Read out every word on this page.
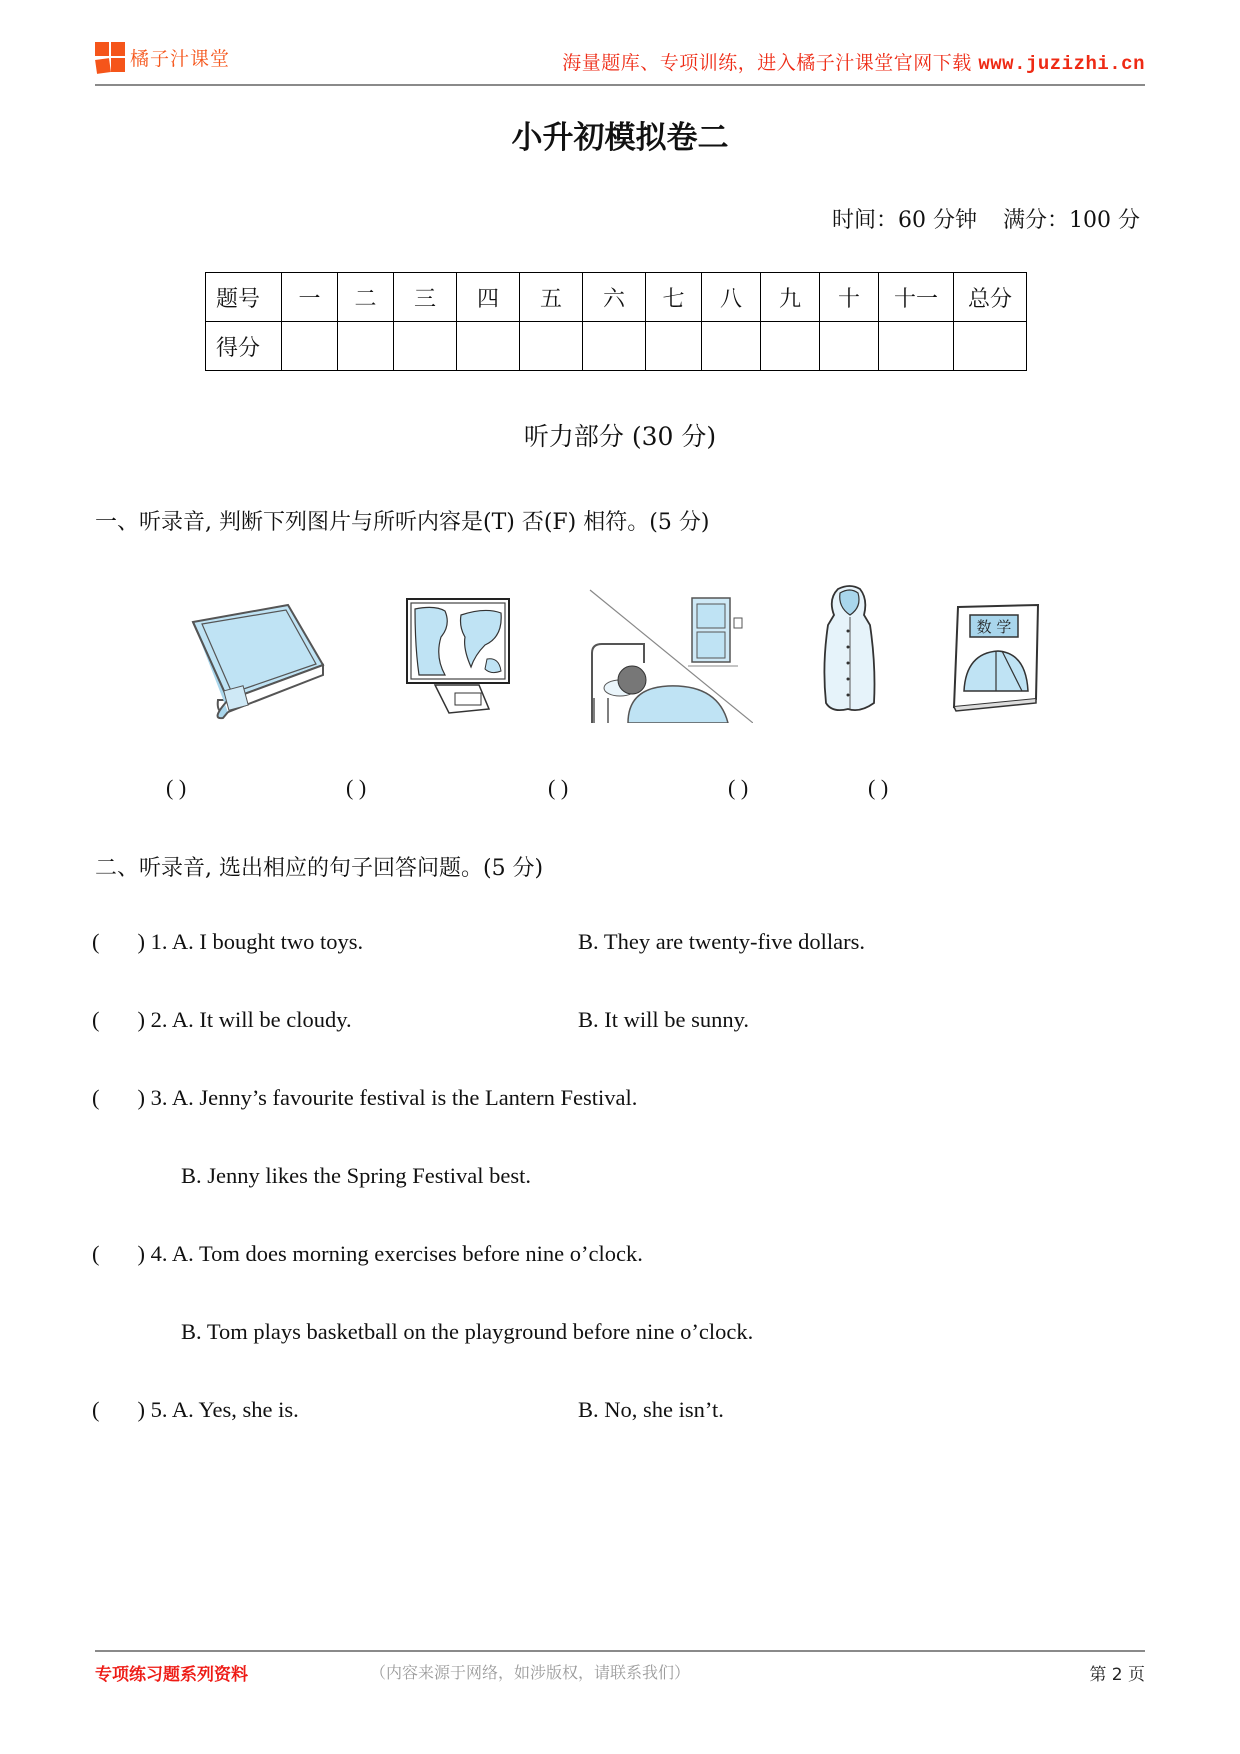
橘子汁课堂	海量题库、专项训练，进入橘子汁课堂官网下载 www.juzizhi.cn
小升初模拟卷二
时间：60 分钟 满分：100 分
题号	一	二	三	四	五	六	七	八	九	十	十一	总分
得分												
听力部分 (30 分)
一、听录音, 判断下列图片与所听内容是(T) 否(F) 相符。(5 分)
数 学
( )	( )	( )	( )	( )
二、听录音, 选出相应的句子回答问题。(5 分)
( ) 1. A. I bought two toys.	B. They are twenty-five dollars.
( ) 2. A. It will be cloudy.	B. It will be sunny.
( ) 3. A. Jenny’s favourite festival is the Lantern Festival.
B. Jenny likes the Spring Festival best.
( ) 4. A. Tom does morning exercises before nine o’clock.
B. Tom plays basketball on the playground before nine o’clock.
( ) 5. A. Yes, she is.	B. No, she isn’t.
专项练习题系列资料	（内容来源于网络，如涉版权，请联系我们）	第 2 页
